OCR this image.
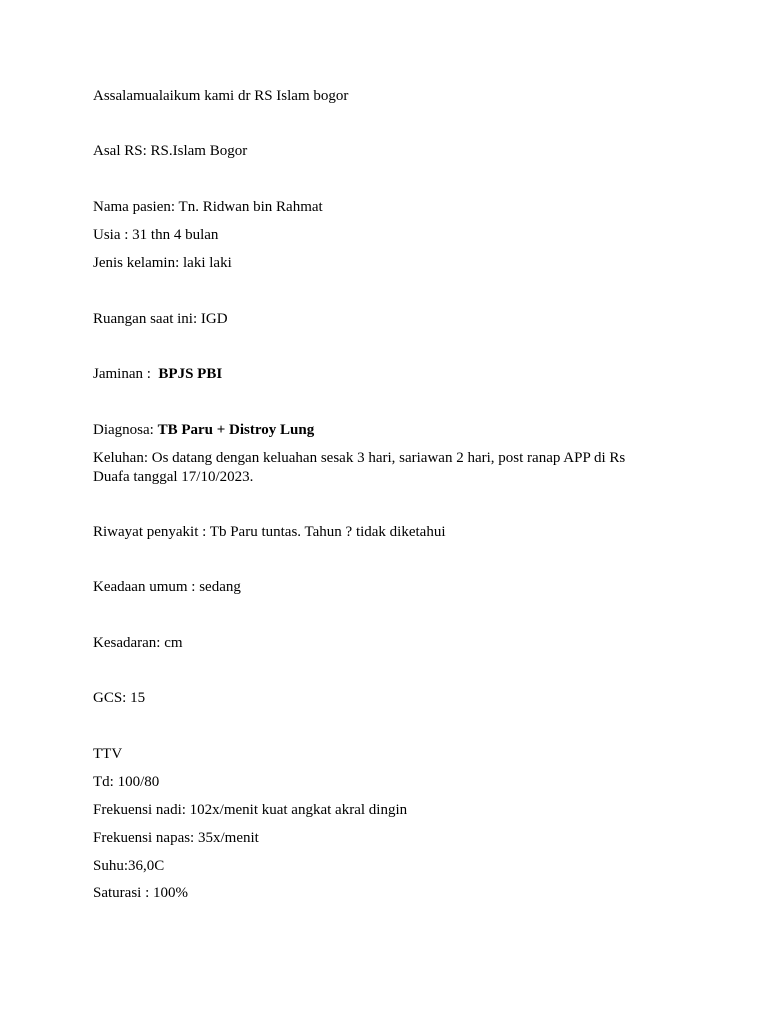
Assalamualaikum kami dr RS Islam bogor
Asal RS: RS.Islam Bogor
Nama pasien: Tn. Ridwan bin Rahmat
Usia : 31 thn 4 bulan
Jenis kelamin: laki laki
Ruangan saat ini: IGD
Jaminan : BPJS PBI
Diagnosa: TB Paru + Distroy Lung
Keluhan: Os datang dengan keluahan sesak 3 hari, sariawan 2 hari, post ranap APP di Rs Duafa tanggal 17/10/2023.
Riwayat penyakit : Tb Paru tuntas. Tahun ? tidak diketahui
Keadaan umum : sedang
Kesadaran: cm
GCS: 15
TTV
Td: 100/80
Frekuensi nadi: 102x/menit kuat angkat akral dingin
Frekuensi napas: 35x/menit
Suhu:36,0C
Saturasi : 100%
